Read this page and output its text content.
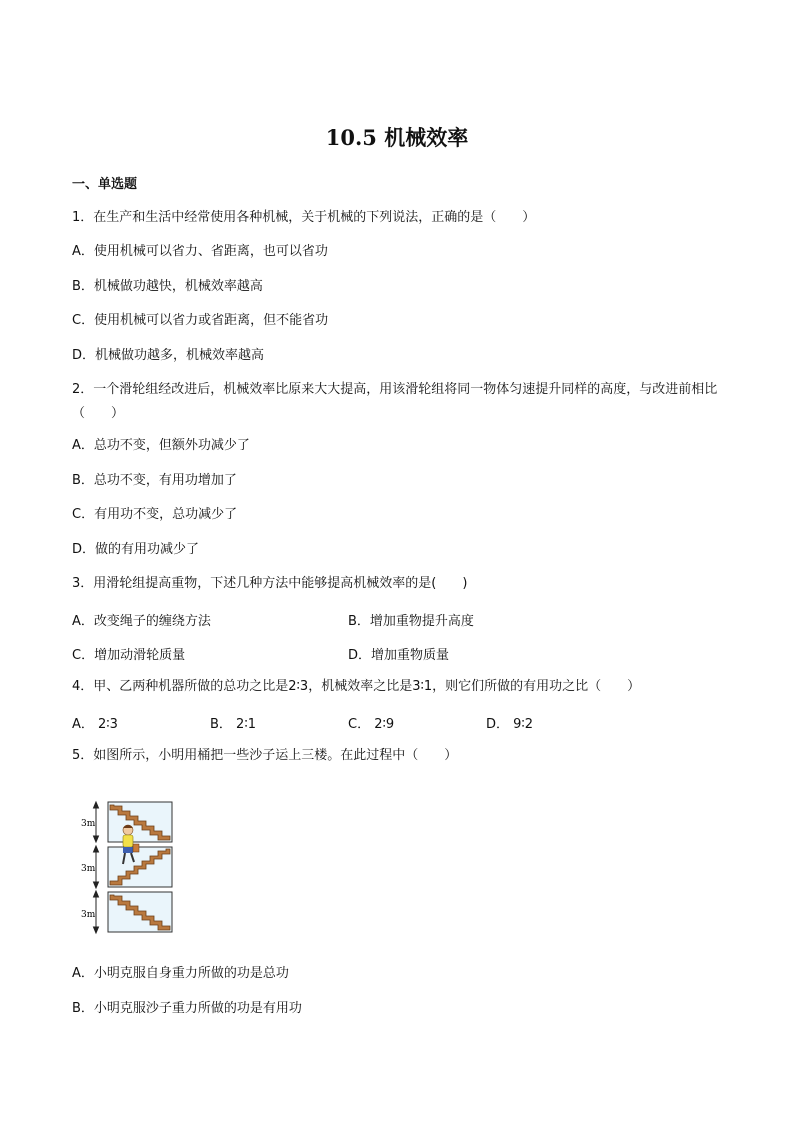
10.5 机械效率
一、单选题
1．在生产和生活中经常使用各种机械，关于机械的下列说法，正确的是（　　）
A．使用机械可以省力、省距离，也可以省功
B．机械做功越快，机械效率越高
C．使用机械可以省力或省距离，但不能省功
D．机械做功越多，机械效率越高
2．一个滑轮组经改进后，机械效率比原来大大提高，用该滑轮组将同一物体匀速提升同样的高度，与改进前相比（　　）
A．总功不变，但额外功减少了
B．总功不变，有用功增加了
C．有用功不变，总功减少了
D．做的有用功减少了
3．用滑轮组提高重物，下述几种方法中能够提高机械效率的是(　　)
A．改变绳子的缠绕方法	B．增加重物提升高度
C．增加动滑轮质量	D．增加重物质量
4．甲、乙两种机器所做的总功之比是2∶3，机械效率之比是3∶1，则它们所做的有用功之比（　　）
A． 2∶3	B． 2∶1	C． 2∶9	D． 9∶2
5．如图所示，小明用桶把一些沙子运上三楼。在此过程中（　　）
3m
3m
3m
A．小明克服自身重力所做的功是总功
B．小明克服沙子重力所做的功是有用功
